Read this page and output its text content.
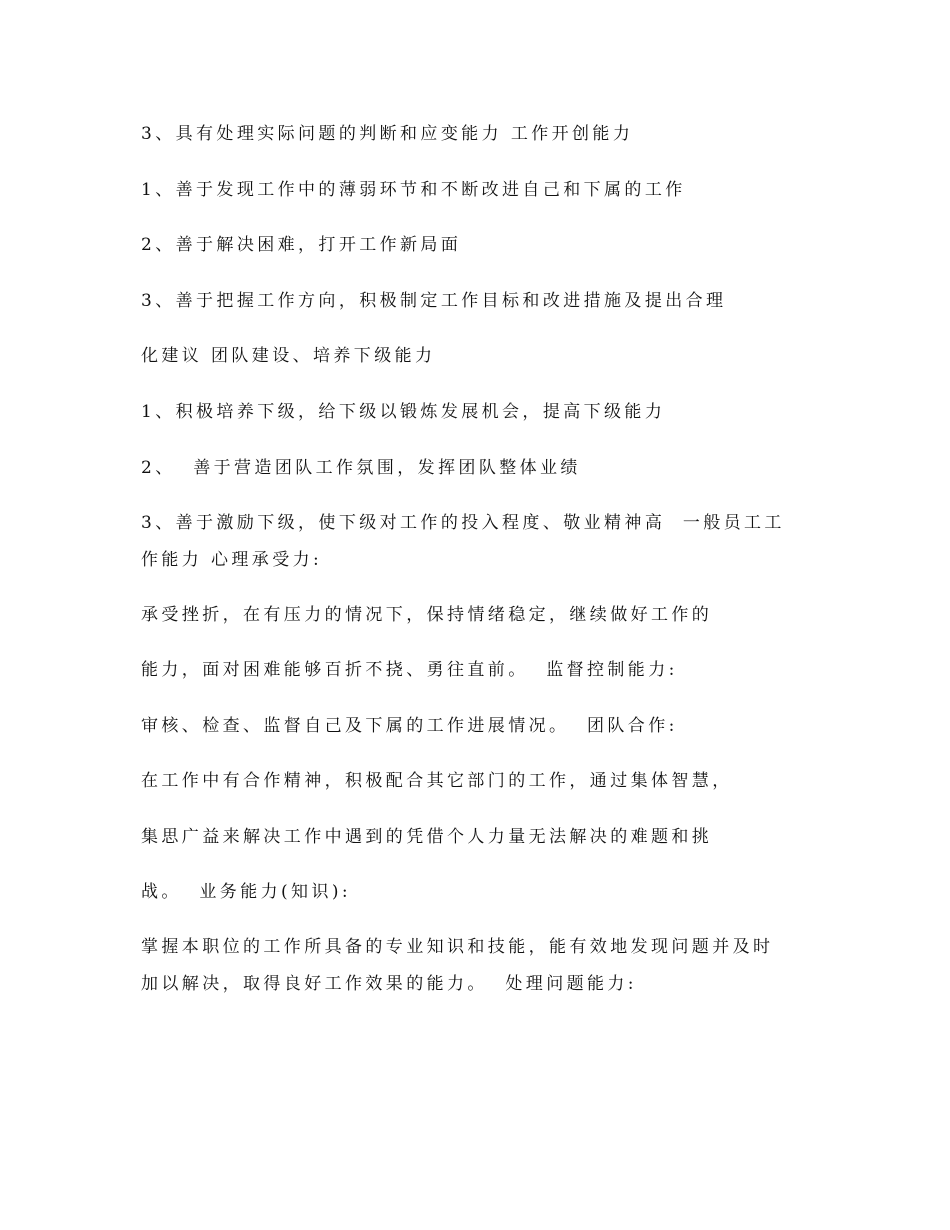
3、具有处理实际问题的判断和应变能力 工作开创能力
1、善于发现工作中的薄弱环节和不断改进自己和下属的工作
2、善于解决困难，打开工作新局面
3、善于把握工作方向，积极制定工作目标和改进措施及提出合理
化建议 团队建设、培养下级能力
1、积极培养下级，给下级以锻炼发展机会，提高下级能力
2、  善于营造团队工作氛围，发挥团队整体业绩
3、善于激励下级，使下级对工作的投入程度、敬业精神高  一般员工工
作能力 心理承受力:
承受挫折，在有压力的情况下，保持情绪稳定，继续做好工作的
能力，面对困难能够百折不挠、勇往直前。  监督控制能力:
审核、检查、监督自己及下属的工作进展情况。  团队合作:
在工作中有合作精神，积极配合其它部门的工作，通过集体智慧，
集思广益来解决工作中遇到的凭借个人力量无法解决的难题和挑
战。  业务能力(知识):
掌握本职位的工作所具备的专业知识和技能，能有效地发现问题并及时
加以解决，取得良好工作效果的能力。  处理问题能力:
